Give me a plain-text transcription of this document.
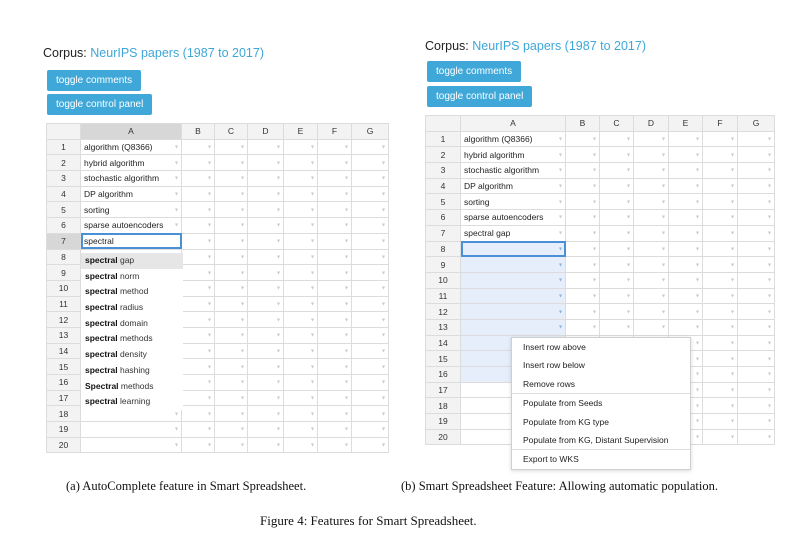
Corpus: NeurIPS papers (1987 to 2017)
toggle comments
toggle control panel
	A	B	C	D	E	F	G
1	algorithm (Q8366) ▾	▾	▾	▾	▾	▾	▾
2	hybrid algorithm ▾	▾	▾	▾	▾	▾	▾
3	stochastic algorithm ▾	▾	▾	▾	▾	▾	▾
4	DP algorithm ▾	▾	▾	▾	▾	▾	▾
5	sorting ▾	▾	▾	▾	▾	▾	▾
6	sparse autoencoders ▾	▾	▾	▾	▾	▾	▾
7	spectral	▾	▾	▾	▾	▾	▾
8		▾	▾	▾	▾	▾	▾
9		▾	▾	▾	▾	▾	▾
10		▾	▾	▾	▾	▾	▾
11		▾	▾	▾	▾	▾	▾
12		▾	▾	▾	▾	▾	▾
13		▾	▾	▾	▾	▾	▾
14		▾	▾	▾	▾	▾	▾
15		▾	▾	▾	▾	▾	▾
16		▾	▾	▾	▾	▾	▾
17		▾	▾	▾	▾	▾	▾
18	▾	▾	▾	▾	▾	▾	▾
19	▾	▾	▾	▾	▾	▾	▾
20	▾	▾	▾	▾	▾	▾	▾
spectral gap
spectral norm
spectral method
spectral radius
spectral domain
spectral methods
spectral density
spectral hashing
Spectral methods
spectral learning
(a) AutoComplete feature in Smart Spreadsheet.
Corpus: NeurIPS papers (1987 to 2017)
toggle comments
toggle control panel
	A	B	C	D	E	F	G
1	algorithm (Q8366) ▾	▾	▾	▾	▾	▾	▾
2	hybrid algorithm ▾	▾	▾	▾	▾	▾	▾
3	stochastic algorithm ▾	▾	▾	▾	▾	▾	▾
4	DP algorithm ▾	▾	▾	▾	▾	▾	▾
5	sorting ▾	▾	▾	▾	▾	▾	▾
6	sparse autoencoders ▾	▾	▾	▾	▾	▾	▾
7	spectral gap ▾	▾	▾	▾	▾	▾	▾
8	▾	▾	▾	▾	▾	▾	▾
9	▾	▾	▾	▾	▾	▾	▾
10	▾	▾	▾	▾	▾	▾	▾
11	▾	▾	▾	▾	▾	▾	▾
12	▾	▾	▾	▾	▾	▾	▾
13	▾	▾	▾	▾	▾	▾	▾
14	▾	▾	▾	▾	▾	▾	▾
15	▾	▾	▾	▾	▾	▾	▾
16	▾	▾	▾	▾	▾	▾	▾
17	▾	▾	▾	▾	▾	▾	▾
18	▾	▾	▾	▾	▾	▾	▾
19	▾	▾	▾	▾	▾	▾	▾
20	▾	▾	▾	▾	▾	▾	▾
Insert row above
Insert row below
Remove rows
Populate from Seeds
Populate from KG type
Populate from KG, Distant Supervision
Export to WKS
(b) Smart Spreadsheet Feature: Allowing automatic population.
Figure 4: Features for Smart Spreadsheet.
